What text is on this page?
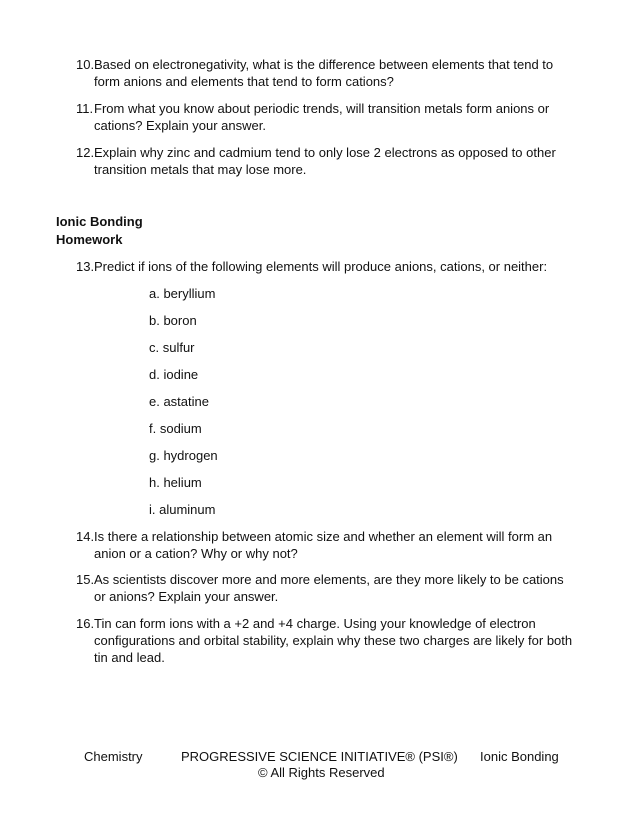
10. Based on electronegativity, what is the difference between elements that tend to form anions and elements that tend to form cations?
11. From what you know about periodic trends, will transition metals form anions or cations? Explain your answer.
12. Explain why zinc and cadmium tend to only lose 2 electrons as opposed to other transition metals that may lose more.
Ionic Bonding
Homework
13. Predict if ions of the following elements will produce anions, cations, or neither:
a. beryllium
b. boron
c. sulfur
d. iodine
e. astatine
f. sodium
g. hydrogen
h. helium
i. aluminum
14. Is there a relationship between atomic size and whether an element will form an anion or a cation? Why or why not?
15. As scientists discover more and more elements, are they more likely to be cations or anions? Explain your answer.
16. Tin can form ions with a +2 and +4 charge. Using your knowledge of electron configurations and orbital stability, explain why these two charges are likely for both tin and lead.
Chemistry	PROGRESSIVE SCIENCE INITIATIVE® (PSI®) Ionic Bonding
© All Rights Reserved
